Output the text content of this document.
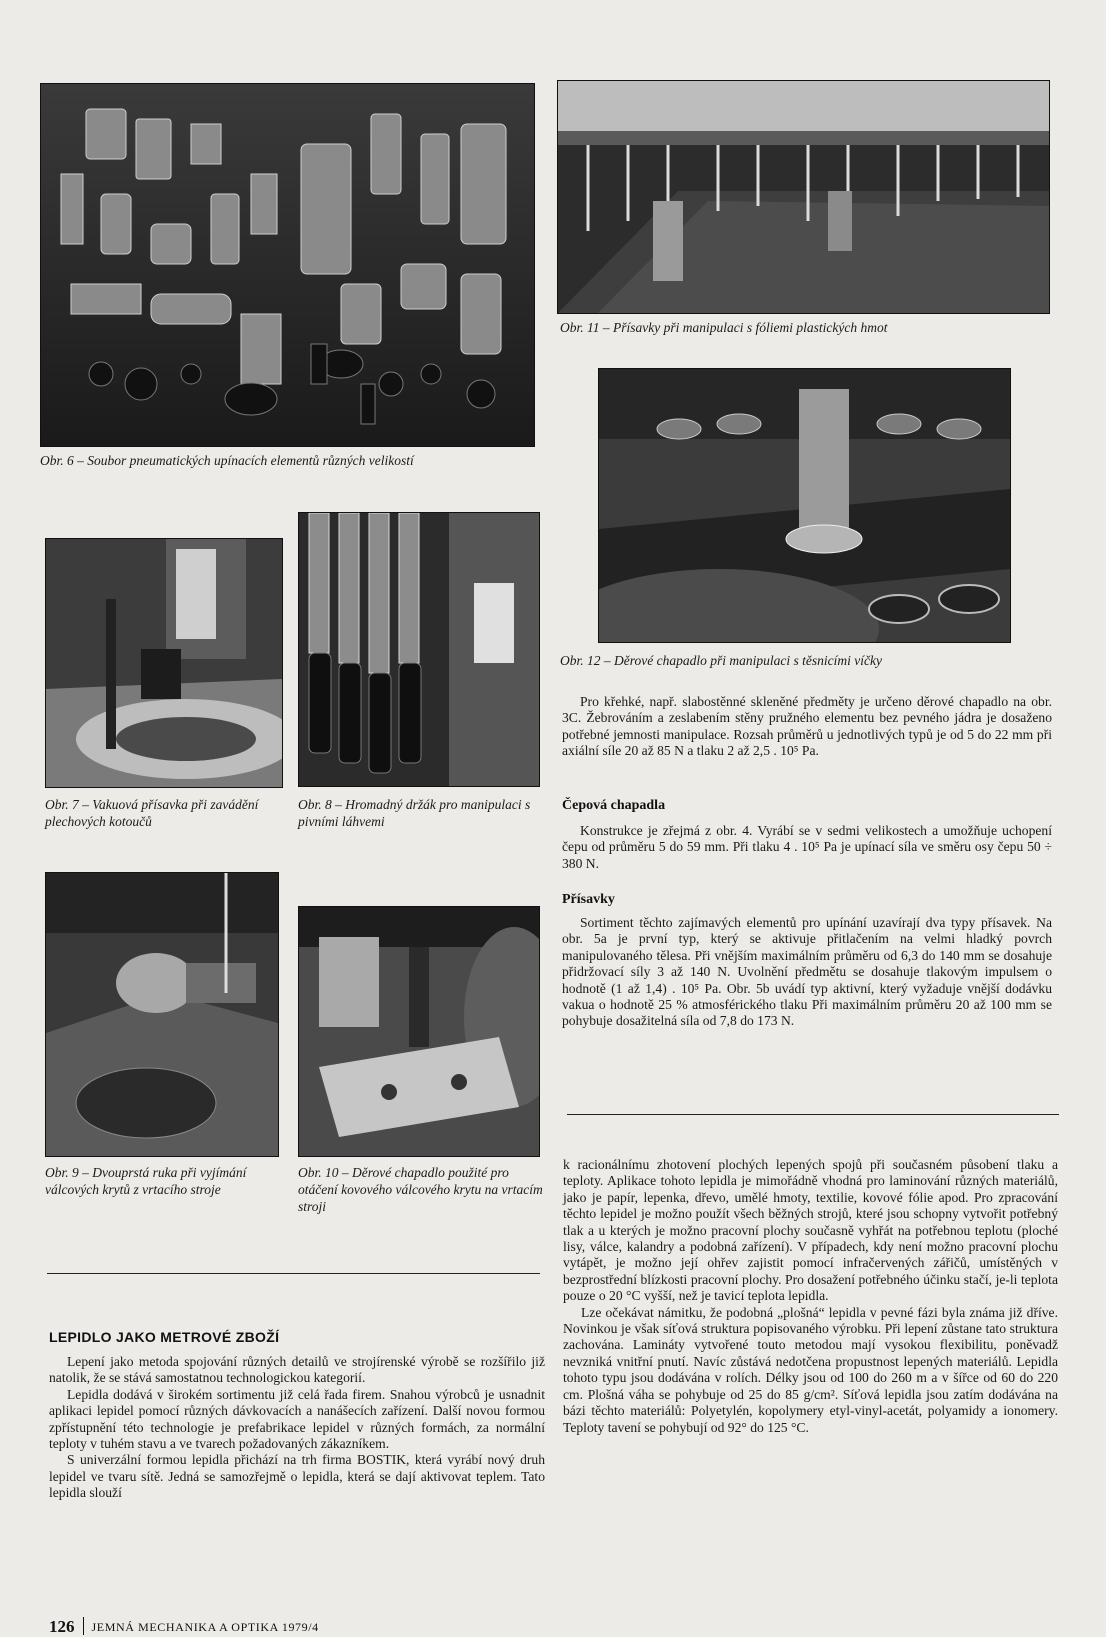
Obr. 6 – Soubor pneumatických upínacích elementů různých velikostí
Obr. 11 – Přísavky při manipulaci s fóliemi plastických hmot
Obr. 12 – Děrové chapadlo při manipulaci s těsnicími víčky
Obr. 7 – Vakuová přísavka při zavádění plechových kotoučů
Obr. 8 – Hromadný držák pro manipulaci s pivními láhvemi
Obr. 9 – Dvouprstá ruka při vyjímání válcových krytů z vrtacího stroje
Obr. 10 – Děrové chapadlo použité pro otáčení kovového válcového krytu na vrtacím stroji

Pro křehké, např. slabostěnné skleněné předměty je určeno děrové chapadlo na obr. 3C. Žebrováním a zeslabením stěny pružného elementu bez pevného jádra je dosaženo potřebné jemnosti manipulace. Rozsah průměrů u jednotlivých typů je od 5 do 22 mm při axiální síle 20 až 85 N a tlaku 2 až 2,5 . 10⁵ Pa.

Čepová chapadla

Konstrukce je zřejmá z obr. 4. Vyrábí se v sedmi velikostech a umožňuje uchopení čepu od průměru 5 do 59 mm. Při tlaku 4 . 10⁵ Pa je upínací síla ve směru osy čepu 50 ÷ 380 N.

Přísavky

Sortiment těchto zajímavých elementů pro upínání uzavírají dva typy přísavek. Na obr. 5a je první typ, který se aktivuje přitlačením na velmi hladký povrch manipulovaného tělesa. Při vnějším maximálním průměru od 6,3 do 140 mm se dosahuje přidržovací síly 3 až 140 N. Uvolnění předmětu se dosahuje tlakovým impulsem o hodnotě (1 až 1,4) . 10⁵ Pa. Obr. 5b uvádí typ aktivní, který vyžaduje vnější dodávku vakua o hodnotě 25 % atmosférického tlaku Při maximálním průměru 20 až 100 mm se pohybuje dosažitelná síla od 7,8 do 173 N.

LEPIDLO JAKO METROVÉ ZBOŽÍ

Lepení jako metoda spojování různých detailů ve strojírenské výrobě se rozšířilo již natolik, že se stává samostatnou technologickou kategorií.

Lepidla dodává v širokém sortimentu již celá řada firem. Snahou výrobců je usnadnit aplikaci lepidel pomocí různých dávkovacích a nanášecích zařízení. Další novou formou zpřístupnění této technologie je prefabrikace lepidel v různých formách, za normální teploty v tuhém stavu a ve tvarech požadovaných zákazníkem.

S univerzální formou lepidla přichází na trh firma BOSTIK, která vyrábí nový druh lepidel ve tvaru sítě. Jedná se samozřejmě o lepidla, která se dají aktivovat teplem. Tato lepidla slouží

k racionálnímu zhotovení plochých lepených spojů při současném působení tlaku a teploty. Aplikace tohoto lepidla je mimořádně vhodná pro laminování různých materiálů, jako je papír, lepenka, dřevo, umělé hmoty, textilie, kovové fólie apod. Pro zpracování těchto lepidel je možno použít všech běžných strojů, které jsou schopny vytvořit potřebný tlak a u kterých je možno pracovní plochy současně vyhřát na potřebnou teplotu (ploché lisy, válce, kalandry a podobná zařízení). V případech, kdy není možno pracovní plochu vytápět, je možno její ohřev zajistit pomocí infračervených zářičů, umístěných v bezprostřední blízkosti pracovní plochy. Pro dosažení potřebného účinku stačí, je-li teplota pouze o 20 °C vyšší, než je tavicí teplota lepidla.

Lze očekávat námitku, že podobná „plošná“ lepidla v pevné fázi byla známa již dříve. Novinkou je však síťová struktura popisovaného výrobku. Při lepení zůstane tato struktura zachována. Lamináty vytvořené touto metodou mají vysokou flexibilitu, poněvadž nevzniká vnitřní pnutí. Navíc zůstává nedotčena propustnost lepených materiálů. Lepidla tohoto typu jsou dodávána v rolích. Délky jsou od 100 do 260 m a v šířce od 60 do 220 cm. Plošná váha se pohybuje od 25 do 85 g/cm². Síťová lepidla jsou zatím dodávána na bázi těchto materiálů: Polyetylén, kopolymery etyl-vinyl-acetát, polyamidy a ionomery. Teploty tavení se pohybují od 92° do 125 °C.

126 JEMNÁ MECHANIKA A OPTIKA 1979/4
